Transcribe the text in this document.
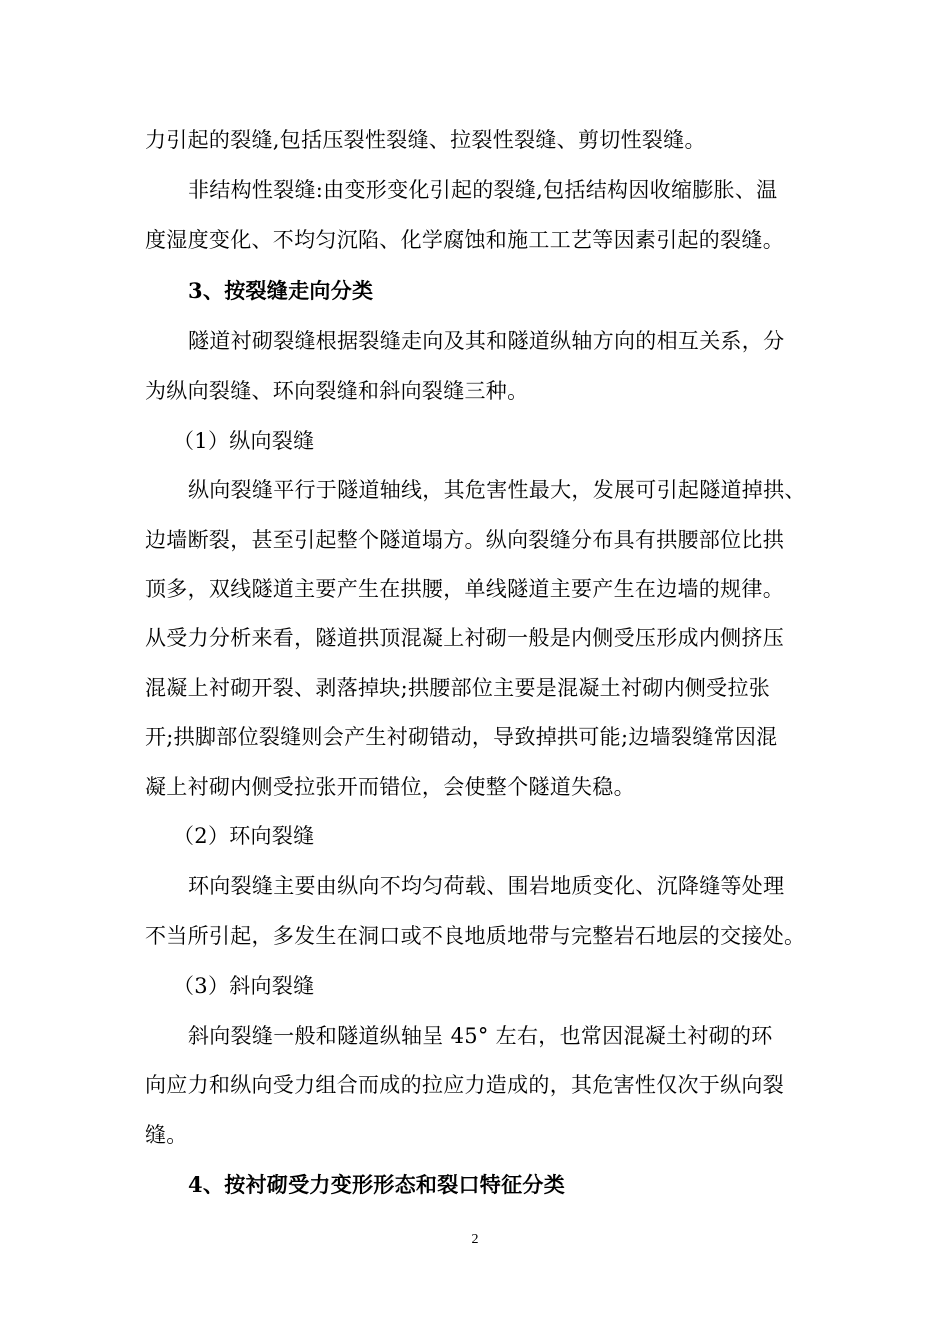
力引起的裂缝,包括压裂性裂缝、拉裂性裂缝、剪切性裂缝。
非结构性裂缝:由变形变化引起的裂缝,包括结构因收缩膨胀、温
度湿度变化、不均匀沉陷、化学腐蚀和施工工艺等因素引起的裂缝。
3、按裂缝走向分类
隧道衬砌裂缝根据裂缝走向及其和隧道纵轴方向的相互关系，分
为纵向裂缝、环向裂缝和斜向裂缝三种。
（1）纵向裂缝
纵向裂缝平行于隧道轴线，其危害性最大，发展可引起隧道掉拱、
边墙断裂，甚至引起整个隧道塌方。纵向裂缝分布具有拱腰部位比拱
顶多，双线隧道主要产生在拱腰，单线隧道主要产生在边墙的规律。
从受力分析来看，隧道拱顶混凝上衬砌一般是内侧受压形成内侧挤压
混凝上衬砌开裂、剥落掉块;拱腰部位主要是混凝土衬砌内侧受拉张
开;拱脚部位裂缝则会产生衬砌错动，导致掉拱可能;边墙裂缝常因混
凝上衬砌内侧受拉张开而错位，会使整个隧道失稳。
（2）环向裂缝
环向裂缝主要由纵向不均匀荷载、围岩地质变化、沉降缝等处理
不当所引起，多发生在洞口或不良地质地带与完整岩石地层的交接处。
（3）斜向裂缝
斜向裂缝一般和隧道纵轴呈 45° 左右，也常因混凝土衬砌的环
向应力和纵向受力组合而成的拉应力造成的，其危害性仅次于纵向裂
缝。
4、按衬砌受力变形形态和裂口特征分类
2
